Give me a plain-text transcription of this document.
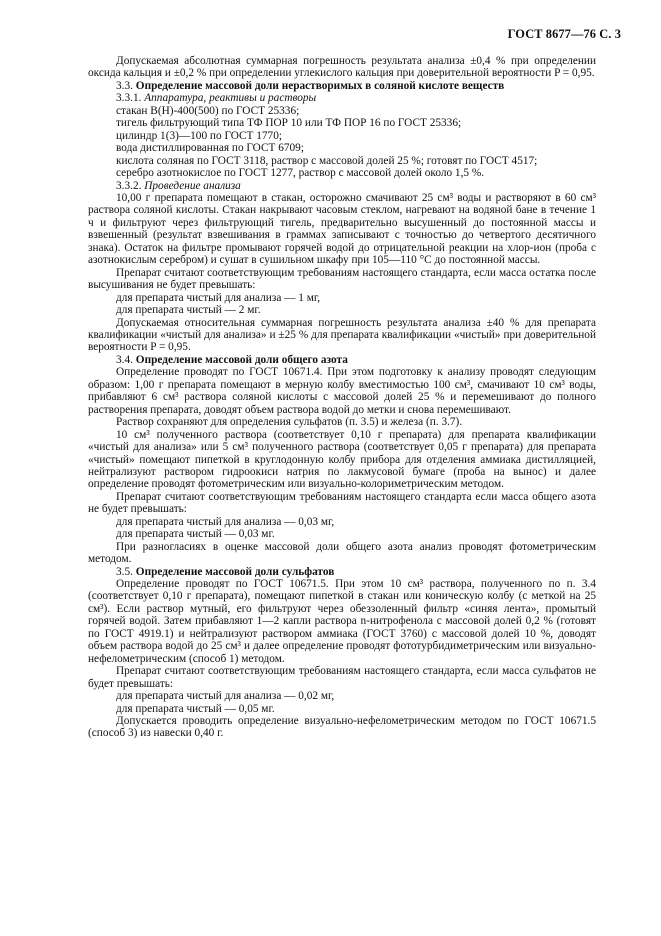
ГОСТ 8677—76 С. 3

Допускаемая абсолютная суммарная погрешность результата анализа ±0,4 % при определении оксида кальция и ±0,2 % при определении углекислого кальция при доверительной вероятности P = 0,95.

3.3. Определение массовой доли нерастворимых в соляной кислоте веществ

3.3.1. Аппаратура, реактивы и растворы

стакан В(Н)-400(500) по ГОСТ 25336;

тигель фильтрующий типа ТФ ПОР 10 или ТФ ПОР 16 по ГОСТ 25336;

цилиндр 1(3)—100 по ГОСТ 1770;

вода дистиллированная по ГОСТ 6709;

кислота соляная по ГОСТ 3118, раствор с массовой долей 25 %; готовят по ГОСТ 4517;

серебро азотнокислое по ГОСТ 1277, раствор с массовой долей около 1,5 %.

3.3.2. Проведение анализа

10,00 г препарата помещают в стакан, осторожно смачивают 25 см³ воды и растворяют в 60 см³ раствора соляной кислоты. Стакан накрывают часовым стеклом, нагревают на водяной бане в течение 1 ч и фильтруют через фильтрующий тигель, предварительно высушенный до постоянной массы и взвешенный (результат взвешивания в граммах записывают с точностью до четвертого десятичного знака). Остаток на фильтре промывают горячей водой до отрицательной реакции на хлор-ион (проба с азотнокислым серебром) и сушат в сушильном шкафу при 105—110 °С до постоянной массы.

Препарат считают соответствующим требованиям настоящего стандарта, если масса остатка после высушивания не будет превышать:

для препарата чистый для анализа — 1 мг,

для препарата чистый — 2 мг.

Допускаемая относительная суммарная погрешность результата анализа ±40 % для препарата квалификации «чистый для анализа» и ±25 % для препарата квалификации «чистый» при доверительной вероятности P = 0,95.

3.4. Определение массовой доли общего азота

Определение проводят по ГОСТ 10671.4. При этом подготовку к анализу проводят следующим образом: 1,00 г препарата помещают в мерную колбу вместимостью 100 см³, смачивают 10 см³ воды, прибавляют 6 см³ раствора соляной кислоты с массовой долей 25 % и перемешивают до полного растворения препарата, доводят объем раствора водой до метки и снова перемешивают.

Раствор сохраняют для определения сульфатов (п. 3.5) и железа (п. 3.7).

10 см³ полученного раствора (соответствует 0,10 г препарата) для препарата квалификации «чистый для анализа» или 5 см³ полученного раствора (соответствует 0,05 г препарата) для препарата «чистый» помещают пипеткой в круглодонную колбу прибора для отделения аммиака дистилляцией, нейтрализуют раствором гидроокиси натрия по лакмусовой бумаге (проба на вынос) и далее определение проводят фотометрическим или визуально-колориметрическим методом.

Препарат считают соответствующим требованиям настоящего стандарта если масса общего азота не будет превышать:

для препарата чистый для анализа — 0,03 мг,

для препарата чистый — 0,03 мг.

При разногласиях в оценке массовой доли общего азота анализ проводят фотометрическим методом.

3.5. Определение массовой доли сульфатов

Определение проводят по ГОСТ 10671.5. При этом 10 см³ раствора, полученного по п. 3.4 (соответствует 0,10 г препарата), помещают пипеткой в стакан или коническую колбу (с меткой на 25 см³). Если раствор мутный, его фильтруют через обеззоленный фильтр «синяя лента», промытый горячей водой. Затем прибавляют 1—2 капли раствора n-нитрофенола с массовой долей 0,2 % (готовят по ГОСТ 4919.1) и нейтрализуют раствором аммиака (ГОСТ 3760) с массовой долей 10 %, доводят объем раствора водой до 25 см³ и далее определение проводят фототурбидиметрическим или визуально-нефелометрическим (способ 1) методом.

Препарат считают соответствующим требованиям настоящего стандарта, если масса сульфатов не будет превышать:

для препарата чистый для анализа — 0,02 мг,

для препарата чистый — 0,05 мг.

Допускается проводить определение визуально-нефелометрическим методом по ГОСТ 10671.5 (способ 3) из навески 0,40 г.
